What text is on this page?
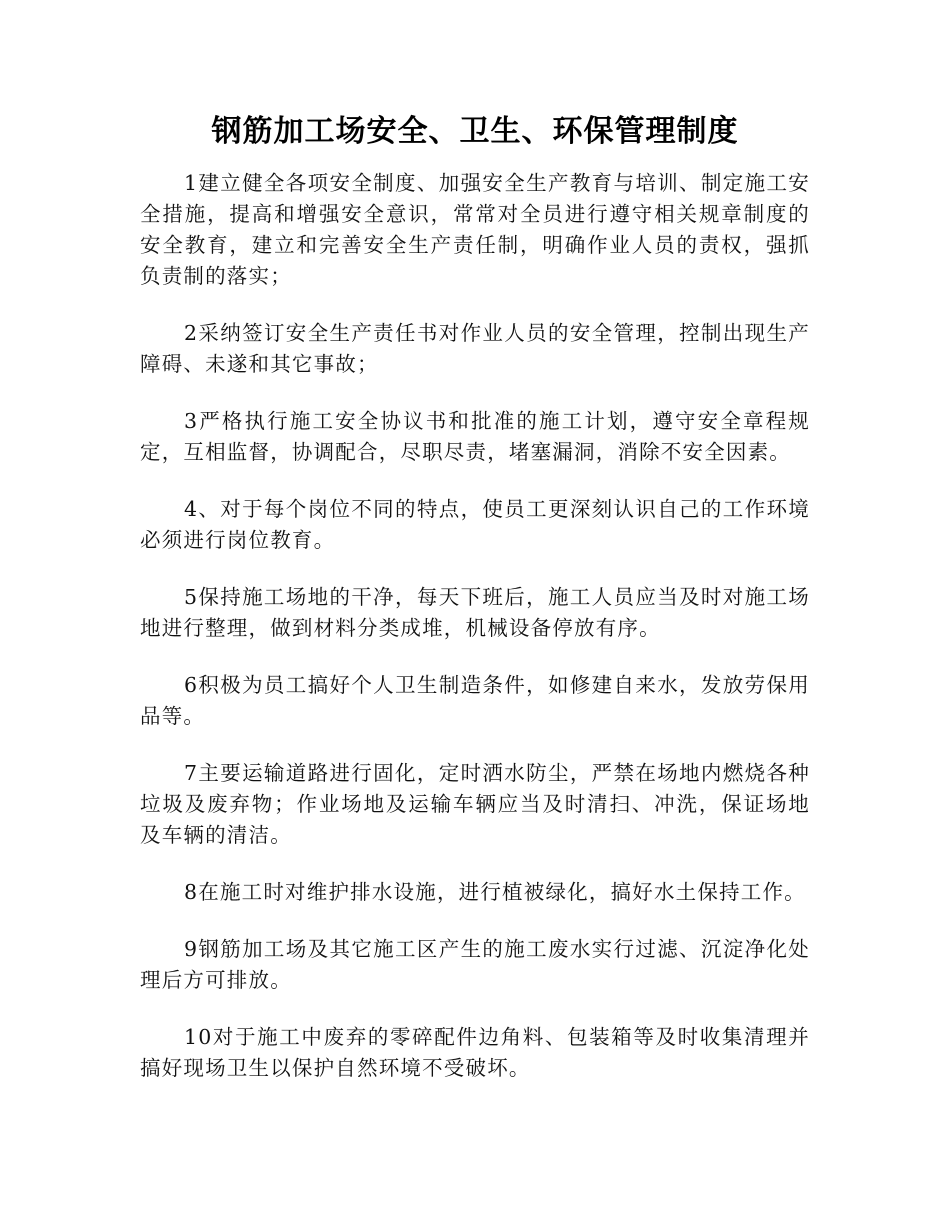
钢筋加工场安全、卫生、环保管理制度

1建立健全各项安全制度、加强安全生产教育与培训、制定施工安全措施，提高和增强安全意识，常常对全员进行遵守相关规章制度的安全教育，建立和完善安全生产责任制，明确作业人员的责权，强抓负责制的落实；

2采纳签订安全生产责任书对作业人员的安全管理，控制出现生产障碍、未遂和其它事故；

3严格执行施工安全协议书和批准的施工计划，遵守安全章程规定，互相监督，协调配合，尽职尽责，堵塞漏洞，消除不安全因素。

4、对于每个岗位不同的特点，使员工更深刻认识自己的工作环境必须进行岗位教育。

5保持施工场地的干净，每天下班后，施工人员应当及时对施工场地进行整理，做到材料分类成堆，机械设备停放有序。

6积极为员工搞好个人卫生制造条件，如修建自来水，发放劳保用品等。

7主要运输道路进行固化，定时洒水防尘，严禁在场地内燃烧各种垃圾及废弃物；作业场地及运输车辆应当及时清扫、冲洗，保证场地及车辆的清洁。

8在施工时对维护排水设施，进行植被绿化，搞好水土保持工作。

9钢筋加工场及其它施工区产生的施工废水实行过滤、沉淀净化处理后方可排放。

10对于施工中废弃的零碎配件边角料、包装箱等及时收集清理并搞好现场卫生以保护自然环境不受破坏。
